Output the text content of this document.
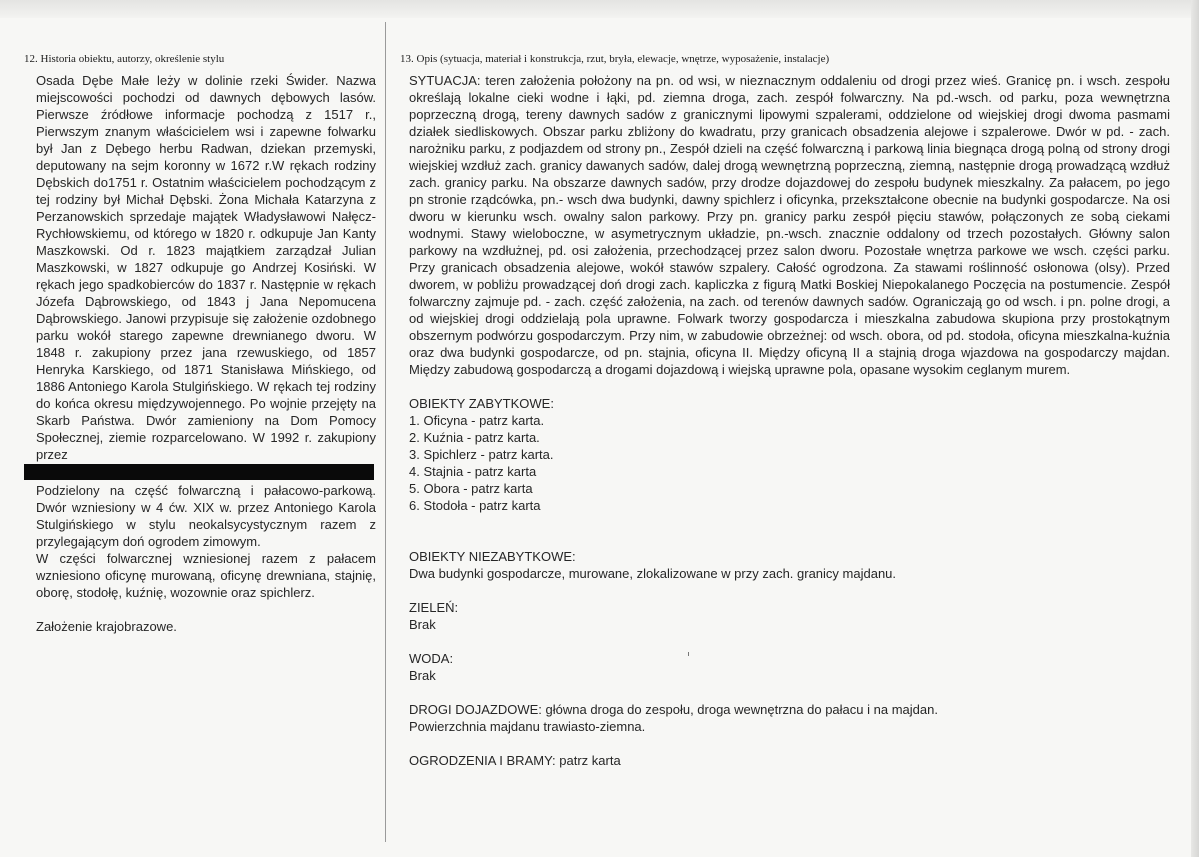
12. Historia obiektu, autorzy, określenie stylu

Osada Dębe Małe leży w dolinie rzeki Świder. Nazwa miejscowości pochodzi od dawnych dębowych lasów. Pierwsze źródłowe informacje pochodzą z 1517 r., Pierwszym znanym właścicielem wsi i zapewne folwarku był Jan z Dębego herbu Radwan, dziekan przemyski, deputowany na sejm koronny w 1672 r.W rękach rodziny Dębskich do1751 r. Ostatnim właścicielem pochodzącym z tej rodziny był Michał Dębski. Żona Michała Katarzyna z Perzanowskich sprzedaje majątek Władysławowi Nałęcz-Rychłowskiemu, od którego w 1820 r. odkupuje Jan Kanty Maszkowski. Od r. 1823 majątkiem zarządzał Julian Maszkowski, w 1827 odkupuje go Andrzej Kosiński. W rękach jego spadkobierców do 1837 r. Następnie w rękach Józefa Dąbrowskiego, od 1843 j Jana Nepomucena Dąbrowskiego. Janowi przypisuje się założenie ozdobnego parku wokół starego zapewne drewnianego dworu. W 1848 r. zakupiony przez jana rzewuskiego, od 1857 Henryka Karskiego, od 1871 Stanisława Mińskiego, od 1886 Antoniego Karola Stulgińskiego. W rękach tej rodziny do końca okresu międzywojennego. Po wojnie przejęty na Skarb Państwa. Dwór zamieniony na Dom Pomocy Społecznej, ziemie rozparcelowano. W 1992 r. zakupiony przez

Podzielony na część folwarczną i pałacowo-parkową. Dwór wzniesiony w 4 ćw. XIX w. przez Antoniego Karola Stulgińskiego w stylu neokalsycystycznym razem z przylegającym doń ogrodem zimowym.

W części folwarcznej wzniesionej razem z pałacem wzniesiono oficynę murowaną, oficynę drewniana, stajnię, oborę, stodołę, kuźnię, wozownie oraz spichlerz.

Założenie krajobrazowe.

13. Opis (sytuacja, materiał i konstrukcja, rzut, bryła, elewacje, wnętrze, wyposażenie, instalacje)

SYTUACJA: teren założenia położony na pn. od wsi, w nieznacznym oddaleniu od drogi przez wieś. Granicę pn. i wsch. zespołu określają lokalne cieki wodne i łąki, pd. ziemna droga, zach. zespół folwarczny. Na pd.-wsch. od parku, poza wewnętrzna poprzeczną drogą, tereny dawnych sadów z granicznymi lipowymi szpalerami, oddzielone od wiejskiej drogi dwoma pasmami działek siedliskowych. Obszar parku zbliżony do kwadratu, przy granicach obsadzenia alejowe i szpalerowe. Dwór w pd. - zach. narożniku parku, z podjazdem od strony pn., Zespół dzieli na część folwarczną i parkową linia biegnąca drogą polną od strony drogi wiejskiej wzdłuż zach. granicy dawanych sadów, dalej drogą wewnętrzną poprzeczną, ziemną, następnie drogą prowadzącą wzdłuż zach. granicy parku. Na obszarze dawnych sadów, przy drodze dojazdowej do zespołu budynek mieszkalny. Za pałacem, po jego pn stronie rządcówka, pn.- wsch dwa budynki, dawny spichlerz i oficynka, przekształcone obecnie na budynki gospodarcze. Na osi dworu w kierunku wsch. owalny salon parkowy. Przy pn. granicy parku zespół pięciu stawów, połączonych ze sobą ciekami wodnymi. Stawy wieloboczne, w asymetrycznym układzie, pn.-wsch. znacznie oddalony od trzech pozostałych. Główny salon parkowy na wzdłużnej, pd. osi założenia, przechodzącej przez salon dworu. Pozostałe wnętrza parkowe we wsch. części parku. Przy granicach obsadzenia alejowe, wokół stawów szpalery. Całość ogrodzona. Za stawami roślinność osłonowa (olsy). Przed dworem, w pobliżu prowadzącej doń drogi zach. kapliczka z figurą Matki Boskiej Niepokalanego Poczęcia na postumencie. Zespół folwarczny zajmuje pd. - zach. część założenia, na zach. od terenów dawnych sadów. Ograniczają go od wsch. i pn. polne drogi, a od wiejskiej drogi oddzielają pola uprawne. Folwark tworzy gospodarcza i mieszkalna zabudowa skupiona przy prostokątnym obszernym podwórzu gospodarczym. Przy nim, w zabudowie obrzeżnej: od wsch. obora, od pd. stodoła, oficyna mieszkalna-kuźnia oraz dwa budynki gospodarcze, od pn. stajnia, oficyna II. Między oficyną II a stajnią droga wjazdowa na gospodarczy majdan. Między zabudową gospodarczą a drogami dojazdową i wiejską uprawne pola, opasane wysokim ceglanym murem.

OBIEKTY ZABYTKOWE:

1. Oficyna - patrz karta.

2. Kuźnia - patrz karta.

3. Spichlerz - patrz karta.

4. Stajnia - patrz karta

5. Obora - patrz karta

6. Stodoła - patrz karta

OBIEKTY NIEZABYTKOWE:

Dwa budynki gospodarcze, murowane, zlokalizowane w przy zach. granicy majdanu.

ZIELEŃ:

Brak

WODA:

Brak

DROGI DOJAZDOWE: główna droga do zespołu, droga wewnętrzna do pałacu i na majdan.

Powierzchnia majdanu trawiasto-ziemna.

OGRODZENIA I BRAMY: patrz karta
